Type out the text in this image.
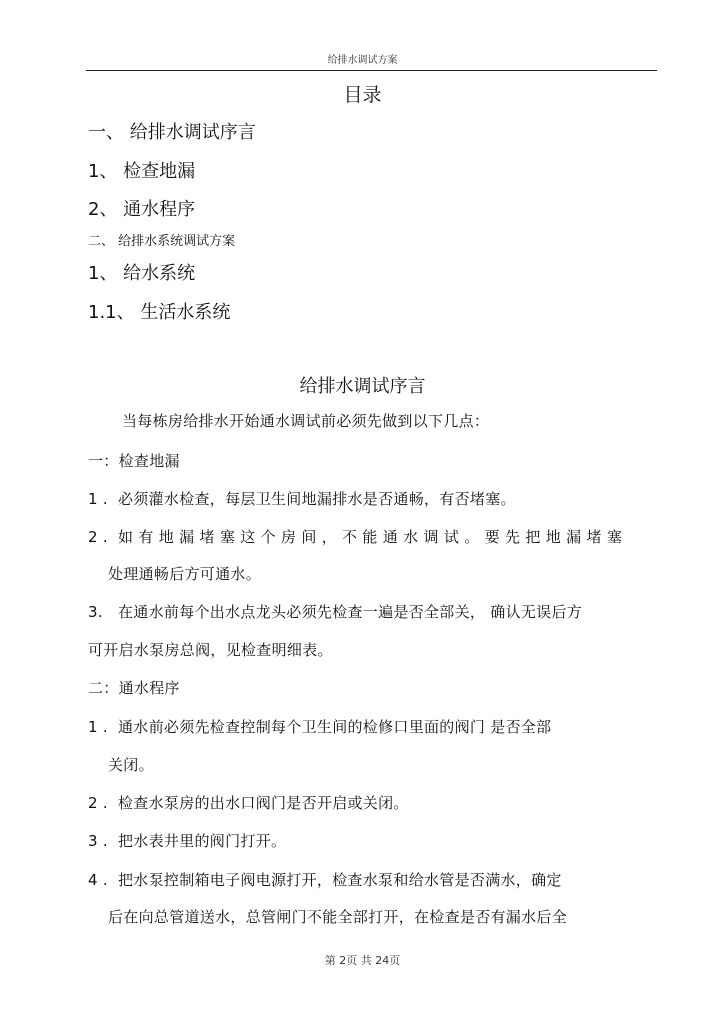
给排水调试方案
目录
一、 给排水调试序言
1、 检查地漏
2、 通水程序
二、 给排水系统调试方案
1、 给水系统
1.1、 生活水系统
给排水调试序言
当每栋房给排水开始通水调试前必须先做到以下几点：
一：检查地漏
1 . 必须灌水检查，每层卫生间地漏排水是否通畅，有否堵塞。
2 . 如 有 地 漏 堵 塞 这 个 房 间 ， 不 能 通 水 调 试 。 要 先 把 地 漏 堵 塞
处理通畅后方可通水。
3. 在通水前每个出水点龙头必须先检查一遍是否全部关， 确认无误后方
可开启水泵房总阀，见检查明细表。
二：通水程序
1 . 通水前必须先检查控制每个卫生间的检修口里面的阀门 是否全部
关闭。
2 . 检查水泵房的出水口阀门是否开启或关闭。
3 . 把水表井里的阀门打开。
4 . 把水泵控制箱电子阀电源打开，检查水泵和给水管是否满水，确定
后在向总管道送水，总管闸门不能全部打开，在检查是否有漏水后全
第 2页 共 24页
